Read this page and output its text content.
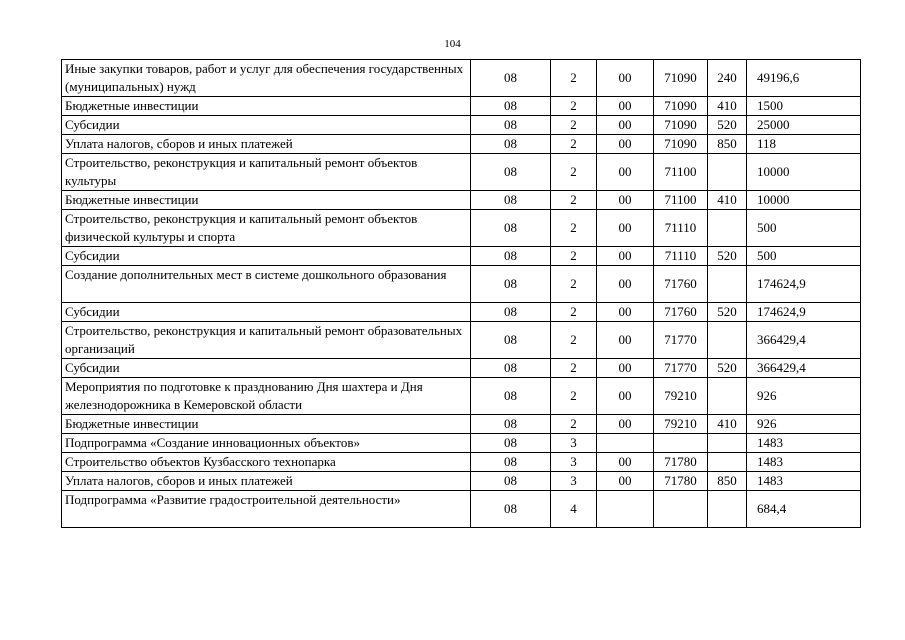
104
Иные закупки товаров, работ и услуг для обеспечения государственных (муниципальных) нужд	08	2	00	71090	240	49196,6
Бюджетные инвестиции	08	2	00	71090	410	1500
Субсидии	08	2	00	71090	520	25000
Уплата налогов, сборов и иных платежей	08	2	00	71090	850	118
Строительство, реконструкция и капитальный ремонт объектов культуры	08	2	00	71100		10000
Бюджетные инвестиции	08	2	00	71100	410	10000
Строительство, реконструкция и капитальный ремонт объектов физической культуры и спорта	08	2	00	71110		500
Субсидии	08	2	00	71110	520	500
Создание дополнительных мест в системе дошкольного образования	08	2	00	71760		174624,9
Субсидии	08	2	00	71760	520	174624,9
Строительство, реконструкция и капитальный ремонт образовательных организаций	08	2	00	71770		366429,4
Субсидии	08	2	00	71770	520	366429,4
Мероприятия по подготовке к празднованию Дня шахтера и Дня железнодорожника в Кемеровской области	08	2	00	79210		926
Бюджетные инвестиции	08	2	00	79210	410	926
Подпрограмма «Создание инновационных объектов»	08	3				1483
Строительство объектов Кузбасского технопарка	08	3	00	71780		1483
Уплата налогов, сборов и иных платежей	08	3	00	71780	850	1483
Подпрограмма «Развитие градостроительной деятельности»	08	4				684,4
